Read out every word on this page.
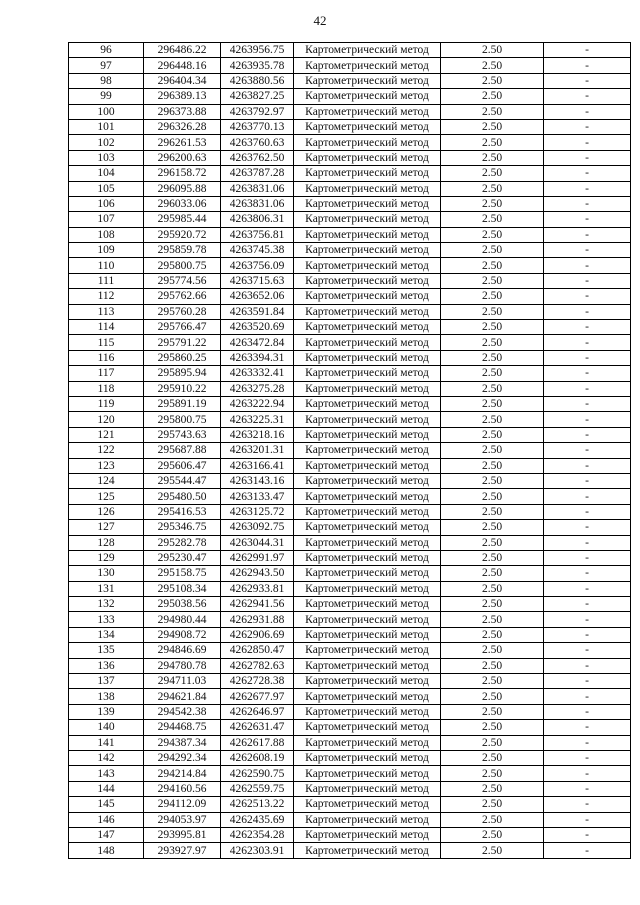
42
96	296486.22	4263956.75	Картометрический метод	2.50	-
97	296448.16	4263935.78	Картометрический метод	2.50	-
98	296404.34	4263880.56	Картометрический метод	2.50	-
99	296389.13	4263827.25	Картометрический метод	2.50	-
100	296373.88	4263792.97	Картометрический метод	2.50	-
101	296326.28	4263770.13	Картометрический метод	2.50	-
102	296261.53	4263760.63	Картометрический метод	2.50	-
103	296200.63	4263762.50	Картометрический метод	2.50	-
104	296158.72	4263787.28	Картометрический метод	2.50	-
105	296095.88	4263831.06	Картометрический метод	2.50	-
106	296033.06	4263831.06	Картометрический метод	2.50	-
107	295985.44	4263806.31	Картометрический метод	2.50	-
108	295920.72	4263756.81	Картометрический метод	2.50	-
109	295859.78	4263745.38	Картометрический метод	2.50	-
110	295800.75	4263756.09	Картометрический метод	2.50	-
111	295774.56	4263715.63	Картометрический метод	2.50	-
112	295762.66	4263652.06	Картометрический метод	2.50	-
113	295760.28	4263591.84	Картометрический метод	2.50	-
114	295766.47	4263520.69	Картометрический метод	2.50	-
115	295791.22	4263472.84	Картометрический метод	2.50	-
116	295860.25	4263394.31	Картометрический метод	2.50	-
117	295895.94	4263332.41	Картометрический метод	2.50	-
118	295910.22	4263275.28	Картометрический метод	2.50	-
119	295891.19	4263222.94	Картометрический метод	2.50	-
120	295800.75	4263225.31	Картометрический метод	2.50	-
121	295743.63	4263218.16	Картометрический метод	2.50	-
122	295687.88	4263201.31	Картометрический метод	2.50	-
123	295606.47	4263166.41	Картометрический метод	2.50	-
124	295544.47	4263143.16	Картометрический метод	2.50	-
125	295480.50	4263133.47	Картометрический метод	2.50	-
126	295416.53	4263125.72	Картометрический метод	2.50	-
127	295346.75	4263092.75	Картометрический метод	2.50	-
128	295282.78	4263044.31	Картометрический метод	2.50	-
129	295230.47	4262991.97	Картометрический метод	2.50	-
130	295158.75	4262943.50	Картометрический метод	2.50	-
131	295108.34	4262933.81	Картометрический метод	2.50	-
132	295038.56	4262941.56	Картометрический метод	2.50	-
133	294980.44	4262931.88	Картометрический метод	2.50	-
134	294908.72	4262906.69	Картометрический метод	2.50	-
135	294846.69	4262850.47	Картометрический метод	2.50	-
136	294780.78	4262782.63	Картометрический метод	2.50	-
137	294711.03	4262728.38	Картометрический метод	2.50	-
138	294621.84	4262677.97	Картометрический метод	2.50	-
139	294542.38	4262646.97	Картометрический метод	2.50	-
140	294468.75	4262631.47	Картометрический метод	2.50	-
141	294387.34	4262617.88	Картометрический метод	2.50	-
142	294292.34	4262608.19	Картометрический метод	2.50	-
143	294214.84	4262590.75	Картометрический метод	2.50	-
144	294160.56	4262559.75	Картометрический метод	2.50	-
145	294112.09	4262513.22	Картометрический метод	2.50	-
146	294053.97	4262435.69	Картометрический метод	2.50	-
147	293995.81	4262354.28	Картометрический метод	2.50	-
148	293927.97	4262303.91	Картометрический метод	2.50	-
